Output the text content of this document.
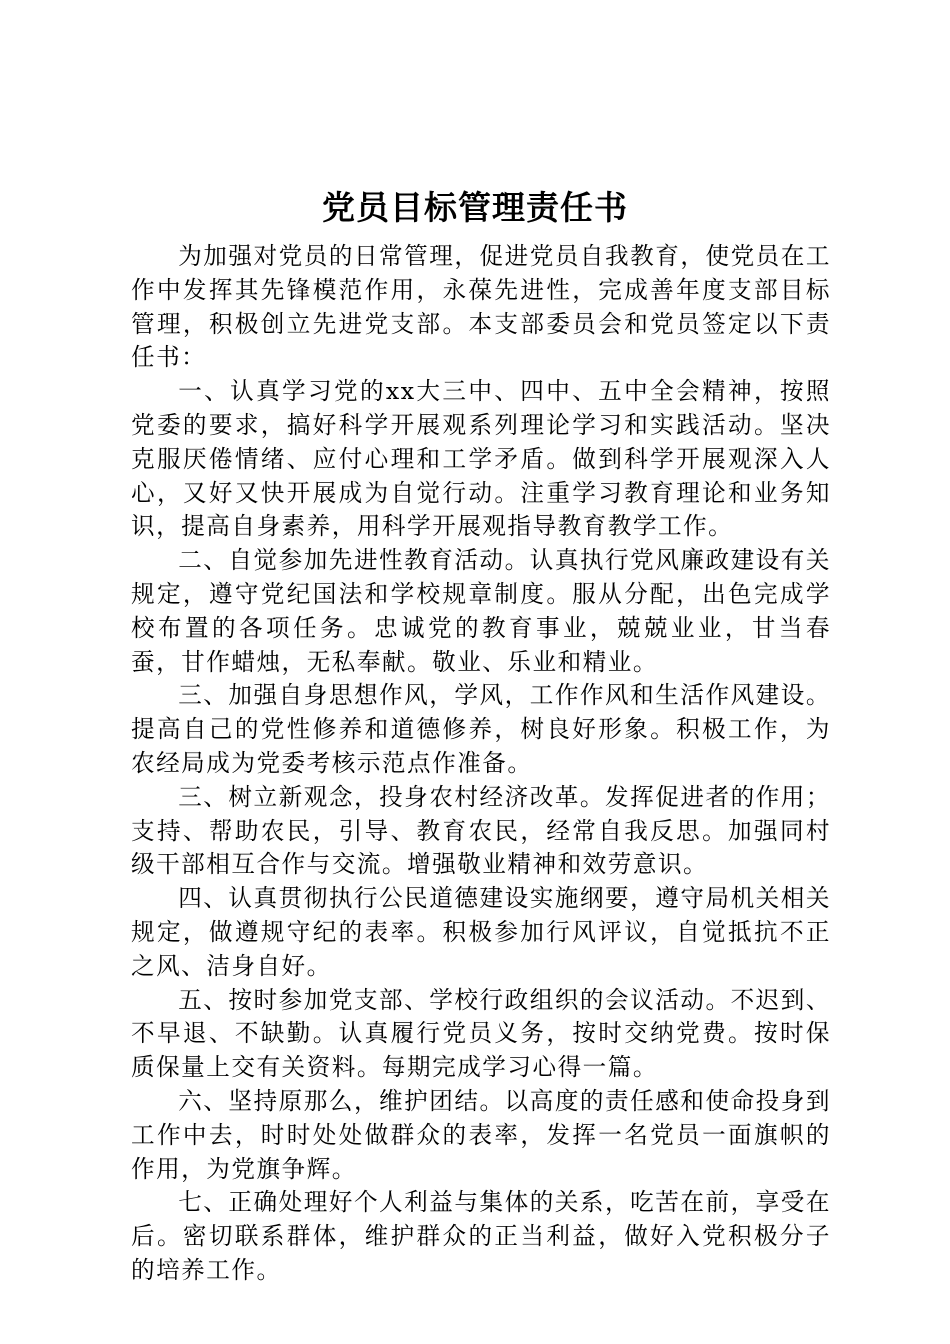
党员目标管理责任书

为加强对党员的日常管理，促进党员自我教育，使党员在工作中发挥其先锋模范作用，永葆先进性，完成善年度支部目标管理，积极创立先进党支部。本支部委员会和党员签定以下责任书：

一、认真学习党的xx大三中、四中、五中全会精神，按照党委的要求，搞好科学开展观系列理论学习和实践活动。坚决克服厌倦情绪、应付心理和工学矛盾。做到科学开展观深入人心，又好又快开展成为自觉行动。注重学习教育理论和业务知识，提高自身素养，用科学开展观指导教育教学工作。

二、自觉参加先进性教育活动。认真执行党风廉政建设有关规定，遵守党纪国法和学校规章制度。服从分配，出色完成学校布置的各项任务。忠诚党的教育事业，兢兢业业，甘当春蚕，甘作蜡烛，无私奉献。敬业、乐业和精业。

三、加强自身思想作风，学风，工作作风和生活作风建设。提高自己的党性修养和道德修养，树良好形象。积极工作，为农经局成为党委考核示范点作准备。

三、树立新观念，投身农村经济改革。发挥促进者的作用；支持、帮助农民，引导、教育农民，经常自我反思。加强同村级干部相互合作与交流。增强敬业精神和效劳意识。

四、认真贯彻执行公民道德建设实施纲要，遵守局机关相关规定，做遵规守纪的表率。积极参加行风评议，自觉抵抗不正之风、洁身自好。

五、按时参加党支部、学校行政组织的会议活动。不迟到、不早退、不缺勤。认真履行党员义务，按时交纳党费。按时保质保量上交有关资料。每期完成学习心得一篇。

六、坚持原那么，维护团结。以高度的责任感和使命投身到工作中去，时时处处做群众的表率，发挥一名党员一面旗帜的作用，为党旗争辉。

七、正确处理好个人利益与集体的关系，吃苦在前，享受在后。密切联系群体，维护群众的正当利益，做好入党积极分子的培养工作。
